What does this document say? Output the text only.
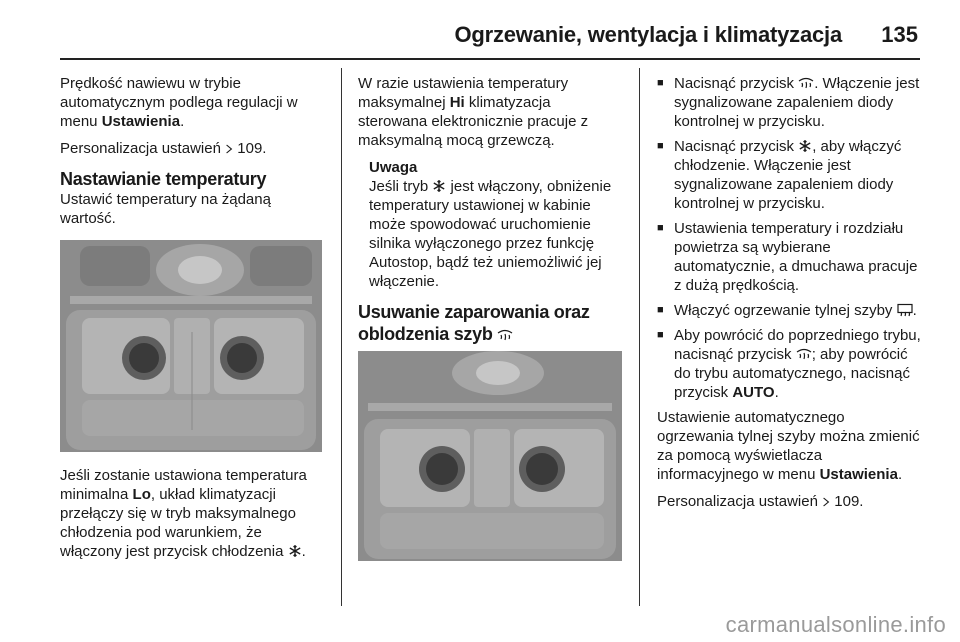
Ogrzewanie, wentylacja i klimatyzacja 135

Prędkość nawiewu w trybie automatycznym podlega regulacji w menu Ustawienia.

Personalizacja ustawień  109.

Nastawianie temperatury

Ustawić temperatury na żądaną wartość.

Jeśli zostanie ustawiona temperatura minimalna Lo, układ klimatyzacji przełączy się w tryb maksymalnego chłodzenia pod warunkiem, że włączony jest przycisk chłodzenia .

W razie ustawienia temperatury maksymalnej Hi klimatyzacja sterowana elektronicznie pracuje z maksymalną mocą grzewczą.

Uwaga

Jeśli tryb  jest włączony, obniżenie temperatury ustawionej w kabinie może spowodować uruchomienie silnika wyłączonego przez funkcję Autostop, bądź też uniemożliwić jej włączenie.

Usuwanie zaparowania oraz oblodzenia szyb
■ Nacisnąć przycisk . Włączenie jest sygnalizowane zapaleniem diody kontrolnej w przycisku.
■ Nacisnąć przycisk , aby włączyć chłodzenie. Włączenie jest sygnalizowane zapaleniem diody kontrolnej w przycisku.
■ Ustawienia temperatury i rozdziału powietrza są wybierane automatycznie, a dmuchawa pracuje z dużą prędkością.
■ Włączyć ogrzewanie tylnej szyby .
■ Aby powrócić do poprzedniego trybu, nacisnąć przycisk ; aby powrócić do trybu automatycznego, nacisnąć przycisk AUTO.

Ustawienie automatycznego ogrzewania tylnej szyby można zmienić za pomocą wyświetlacza informacyjnego w menu Ustawienia.

Personalizacja ustawień  109.

carmanualsonline.info
